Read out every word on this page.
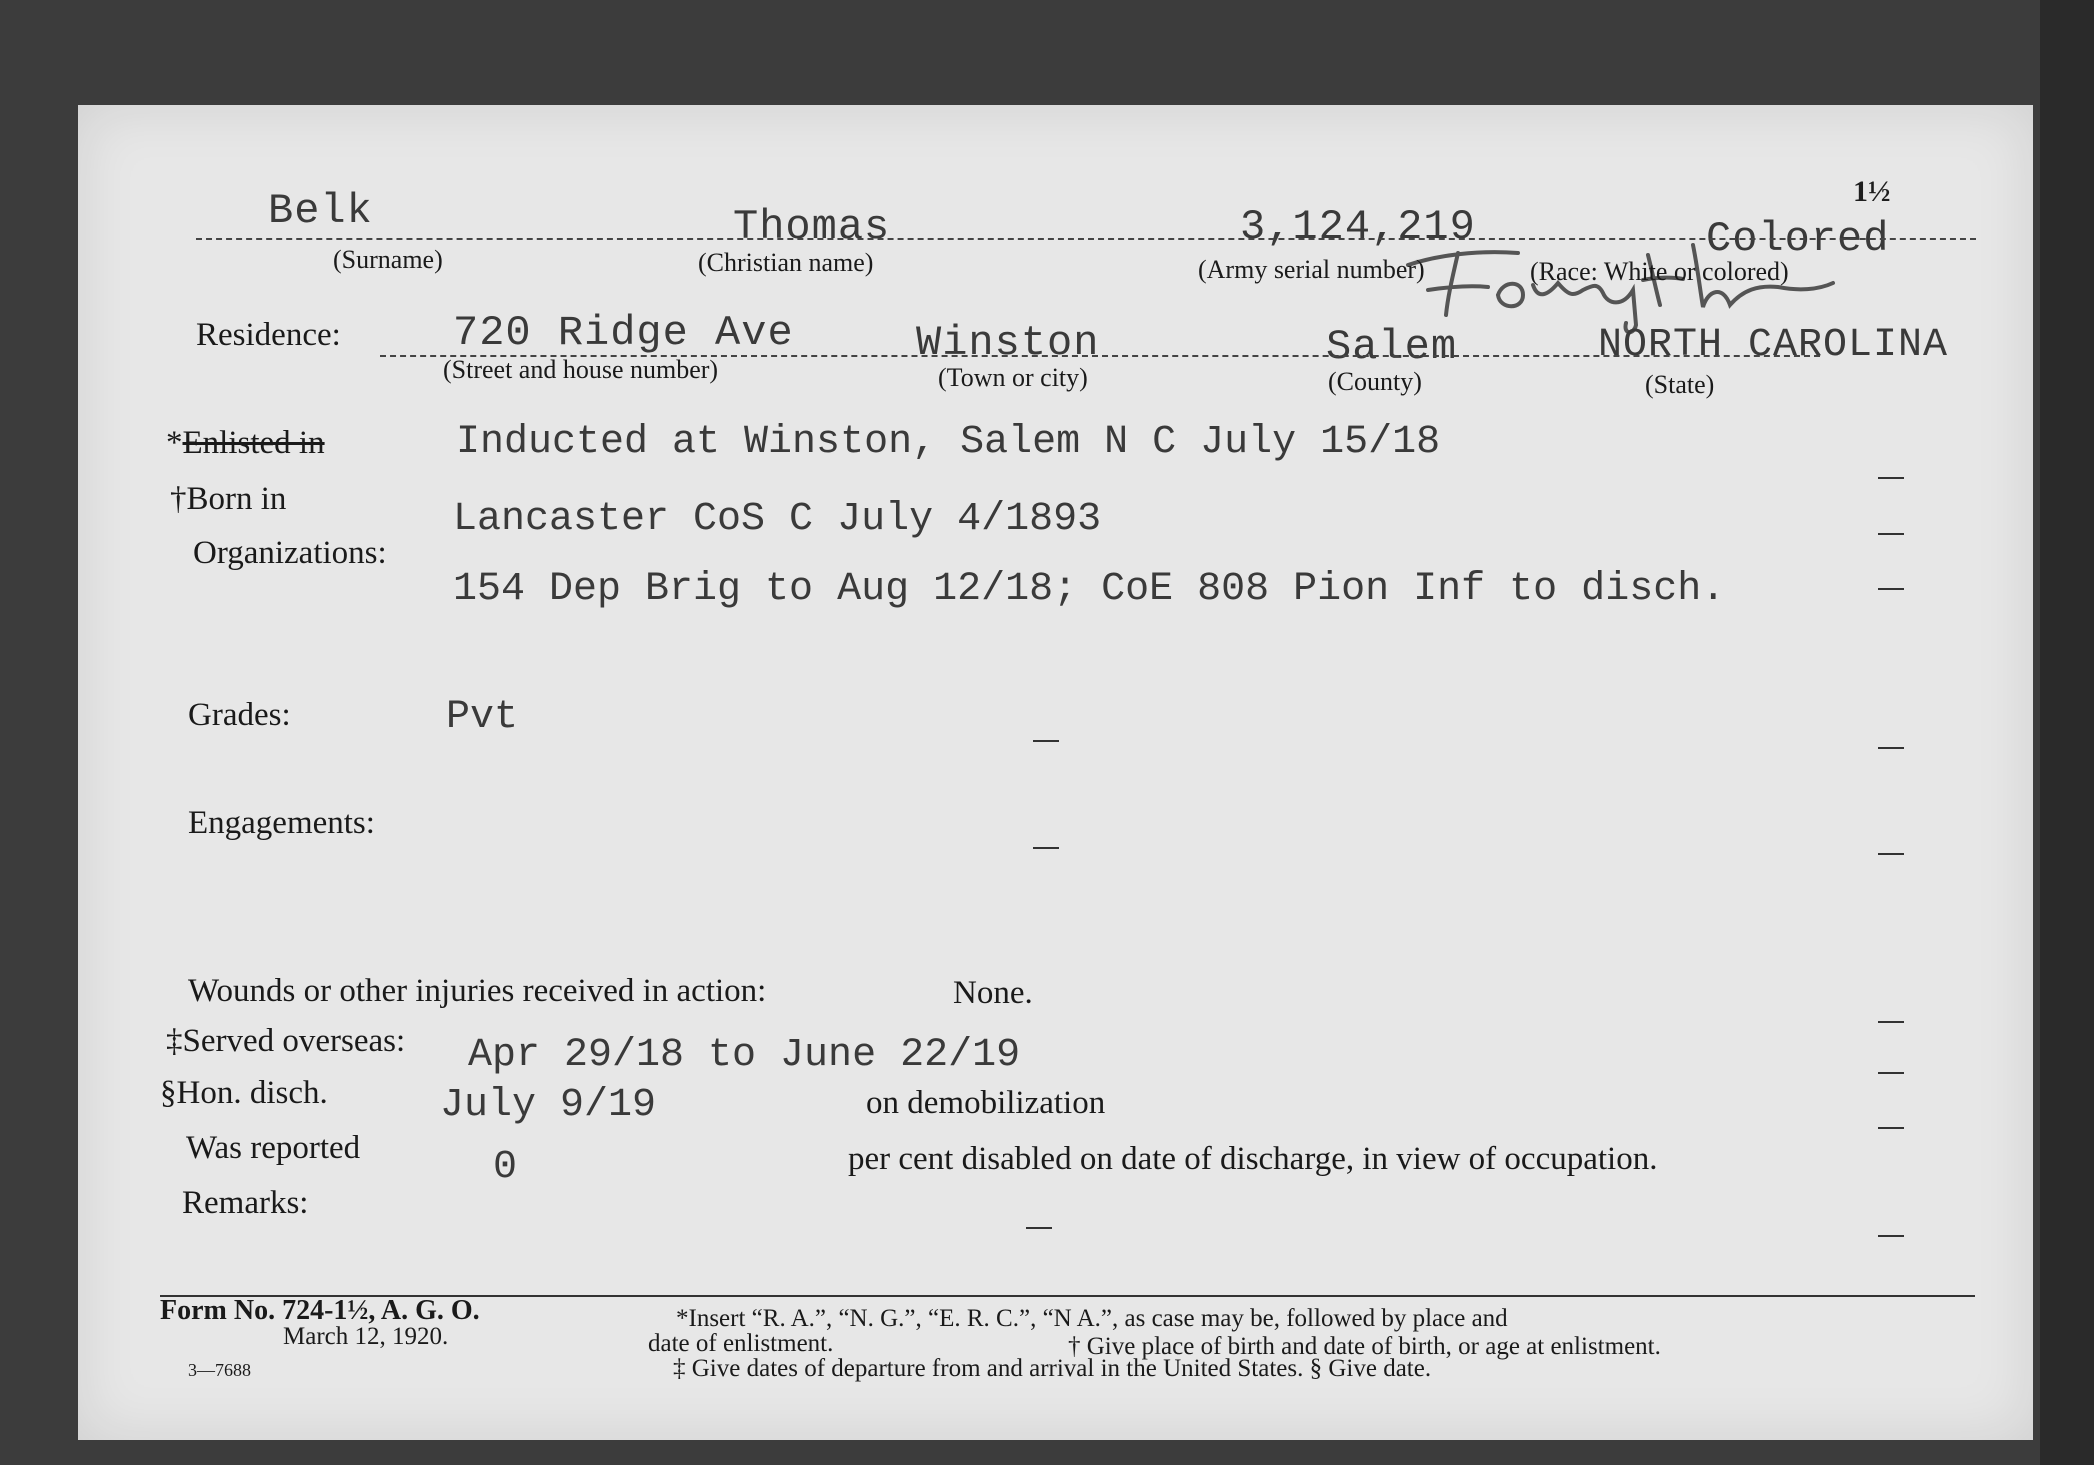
1½
Belk	Thomas	3,124,219	Colored
(Surname)	(Christian name)	(Army serial number)	(Race: White or colored)
Residence:	720 Ridge Ave	Winston	Salem	NORTH CAROLINA
(Street and house number)	(Town or city)	(County)	(State)
*Enlisted in	Inducted at Winston, Salem N C July 15/18
†Born in	Lancaster CoS C July 4/1893
Organizations:
154 Dep Brig to Aug 12/18; CoE 808 Pion Inf to disch.
Grades:	Pvt
Engagements:
Wounds or other injuries received in action:	None.
‡Served overseas: Apr 29/18 to June 22/19
§Hon. disch.	July 9/19	on demobilization
Was reported	0	per cent disabled on date of discharge, in view of occupation.
Remarks:
Form No. 724-1½, A. G. O.
March 12, 1920.
3—7688
*Insert “R. A.”, “N. G.”, “E. R. C.”, “N A.”, as case may be, followed by place and
date of enlistment.	† Give place of birth and date of birth, or age at enlistment.
‡ Give dates of departure from and arrival in the United States. § Give date.
